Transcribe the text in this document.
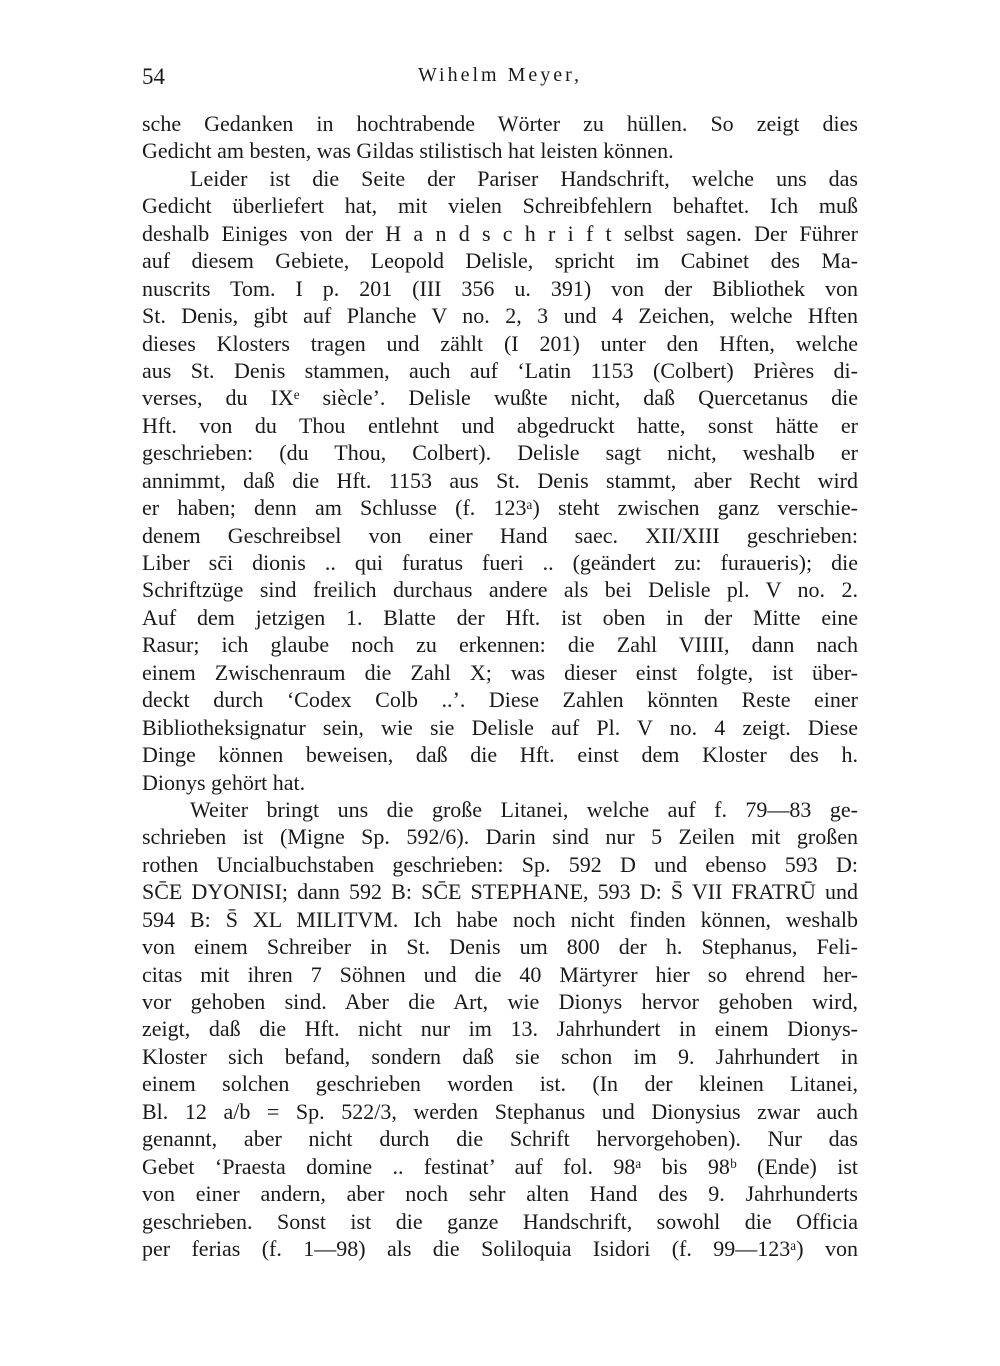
54	Wihelm Meyer,
sche Gedanken in hochtrabende Wörter zu hüllen. So zeigt dies
Gedicht am besten, was Gildas stilistisch hat leisten können.
Leider ist die Seite der Pariser Handschrift, welche uns das
Gedicht überliefert hat, mit vielen Schreibfehlern behaftet. Ich muß
deshalb Einiges von der H a n d s c h r i f t selbst sagen. Der Führer
auf diesem Gebiete, Leopold Delisle, spricht im Cabinet des Ma-
nuscrits Tom. I p. 201 (III 356 u. 391) von der Bibliothek von
St. Denis, gibt auf Planche V no. 2, 3 und 4 Zeichen, welche Hften
dieses Klosters tragen und zählt (I 201) unter den Hften, welche
aus St. Denis stammen, auch auf ‘Latin 1153 (Colbert) Prières di-
verses, du IXᵉ siècle’. Delisle wußte nicht, daß Quercetanus die
Hft. von du Thou entlehnt und abgedruckt hatte, sonst hätte er
geschrieben: (du Thou, Colbert). Delisle sagt nicht, weshalb er
annimmt, daß die Hft. 1153 aus St. Denis stammt, aber Recht wird
er haben; denn am Schlusse (f. 123ᵃ) steht zwischen ganz verschie-
denem Geschreibsel von einer Hand saec. XII/XIII geschrieben:
Liber sc̄i dionis .. qui furatus fueri .. (geändert zu: furaueris); die
Schriftzüge sind freilich durchaus andere als bei Delisle pl. V no. 2.
Auf dem jetzigen 1. Blatte der Hft. ist oben in der Mitte eine
Rasur; ich glaube noch zu erkennen: die Zahl VIIII, dann nach
einem Zwischenraum die Zahl X; was dieser einst folgte, ist über-
deckt durch ‘Codex Colb ..’. Diese Zahlen könnten Reste einer
Bibliotheksignatur sein, wie sie Delisle auf Pl. V no. 4 zeigt. Diese
Dinge können beweisen, daß die Hft. einst dem Kloster des h.
Dionys gehört hat.
Weiter bringt uns die große Litanei, welche auf f. 79—83 ge-
schrieben ist (Migne Sp. 592/6). Darin sind nur 5 Zeilen mit großen
rothen Uncialbuchstaben geschrieben: Sp. 592 D und ebenso 593 D:
SC̄E DYONISI; dann 592 B: SC̄E STEPHANE, 593 D: S̄ VII FRATRŪ und
594 B: S̄ XL MILITVM. Ich habe noch nicht finden können, weshalb
von einem Schreiber in St. Denis um 800 der h. Stephanus, Feli-
citas mit ihren 7 Söhnen und die 40 Märtyrer hier so ehrend her-
vor gehoben sind. Aber die Art, wie Dionys hervor gehoben wird,
zeigt, daß die Hft. nicht nur im 13. Jahrhundert in einem Dionys-
Kloster sich befand, sondern daß sie schon im 9. Jahrhundert in
einem solchen geschrieben worden ist. (In der kleinen Litanei,
Bl. 12 a/b = Sp. 522/3, werden Stephanus und Dionysius zwar auch
genannt, aber nicht durch die Schrift hervorgehoben). Nur das
Gebet ‘Praesta domine .. festinat’ auf fol. 98ᵃ bis 98ᵇ (Ende) ist
von einer andern, aber noch sehr alten Hand des 9. Jahrhunderts
geschrieben. Sonst ist die ganze Handschrift, sowohl die Officia
per ferias (f. 1—98) als die Soliloquia Isidori (f. 99—123ᵃ) von
